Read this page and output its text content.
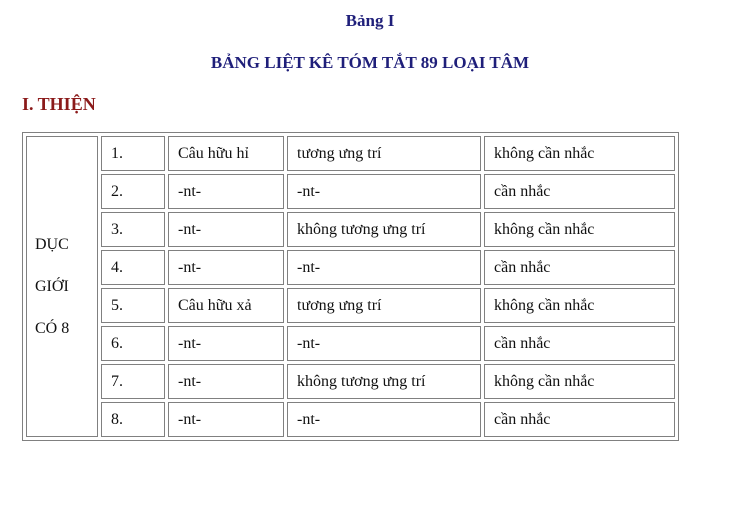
Bảng I
BẢNG LIỆT KÊ TÓM TẮT 89 LOẠI TÂM
I. THIỆN
DỤC
GIỚI
CÓ 8	1.	Câu hữu hỉ	tương ưng trí	không cần nhắc
	2.	-nt-	-nt-	cần nhắc
	3.	-nt-	không tương ưng trí	không cần nhắc
	4.	-nt-	-nt-	cần nhắc
	5.	Câu hữu xả	tương ưng trí	không cần nhắc
	6.	-nt-	-nt-	cần nhắc
	7.	-nt-	không tương ưng trí	không cần nhắc
	8.	-nt-	-nt-	cần nhắc
